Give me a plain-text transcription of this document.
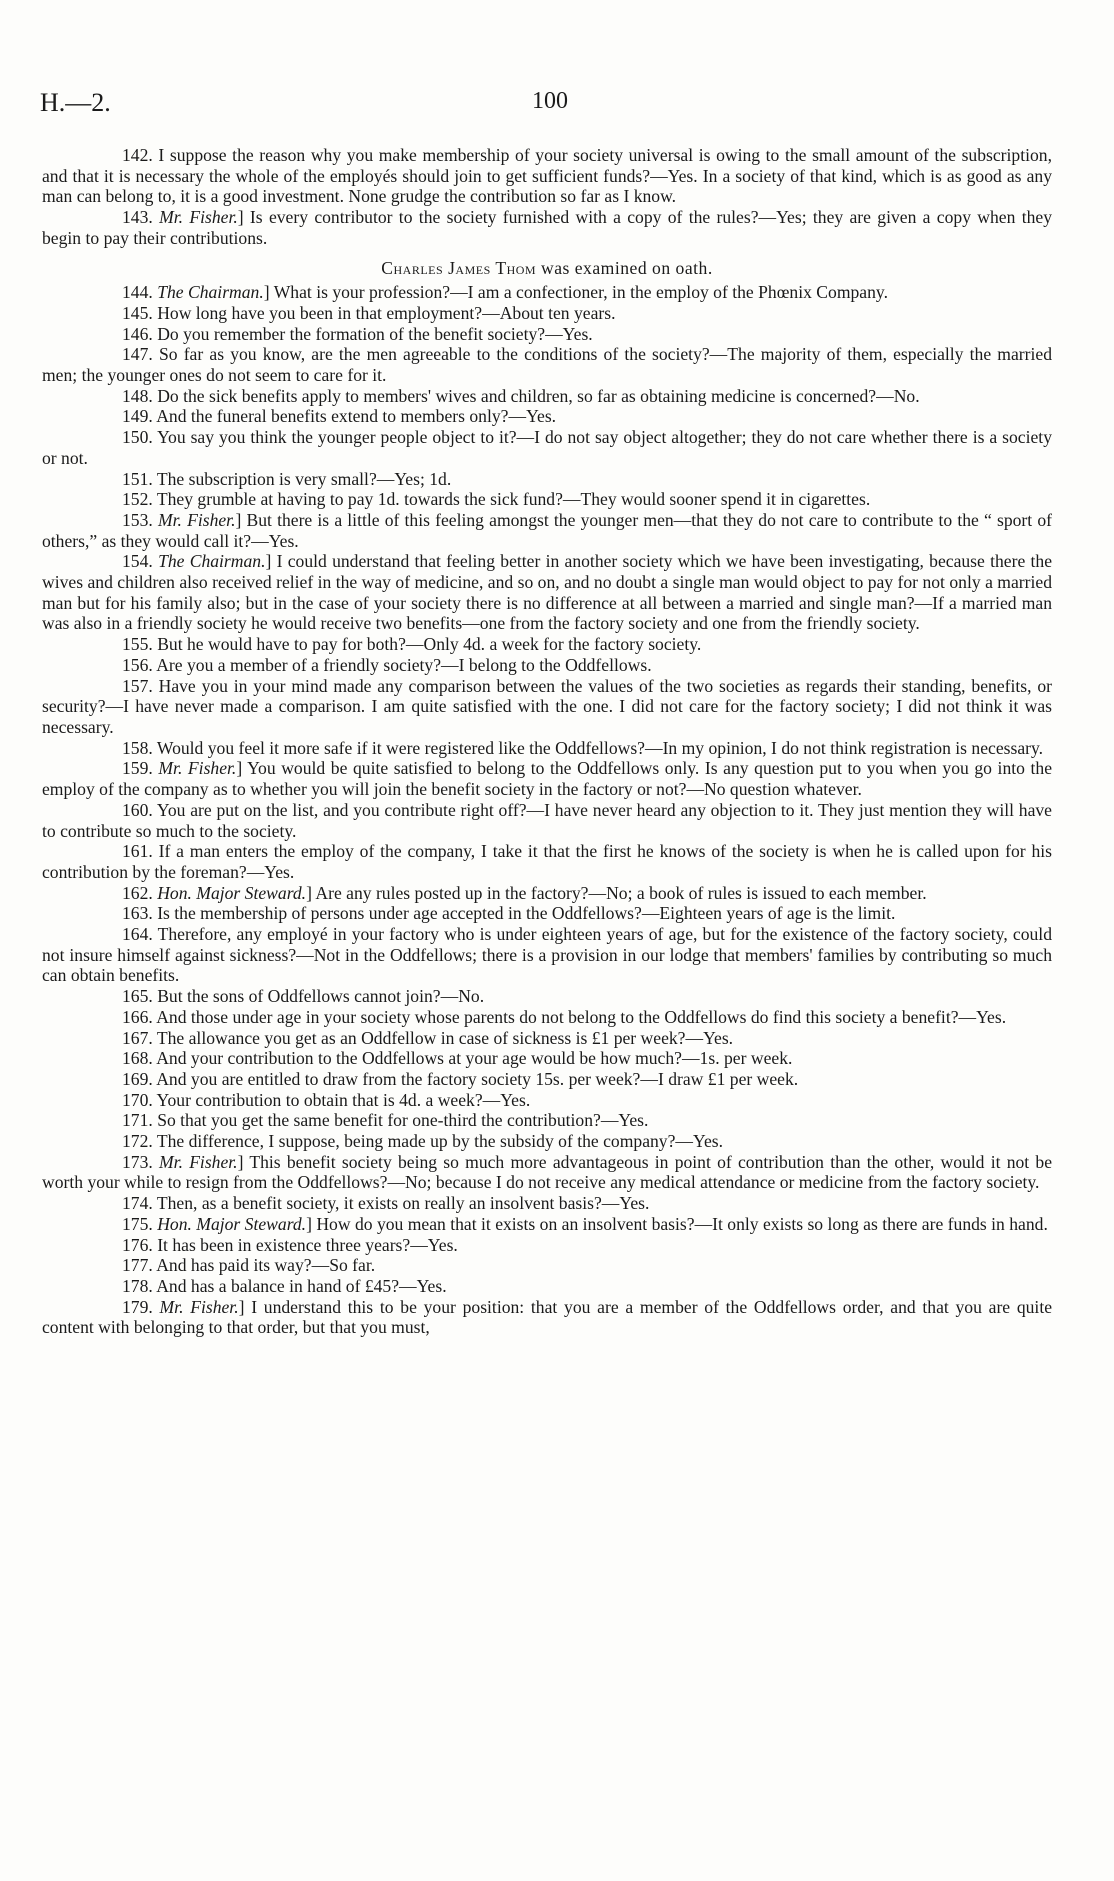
H.—2.	100

142. I suppose the reason why you make membership of your society universal is owing to the small amount of the subscription, and that it is necessary the whole of the employés should join to get sufficient funds?—Yes. In a society of that kind, which is as good as any man can belong to, it is a good investment. None grudge the contribution so far as I know.

143. Mr. Fisher.] Is every contributor to the society furnished with a copy of the rules?—Yes; they are given a copy when they begin to pay their contributions.

Charles James Thom was examined on oath.

144. The Chairman.] What is your profession?—I am a confectioner, in the employ of the Phœnix Company.

145. How long have you been in that employment?—About ten years.

146. Do you remember the formation of the benefit society?—Yes.

147. So far as you know, are the men agreeable to the conditions of the society?—The majority of them, especially the married men; the younger ones do not seem to care for it.

148. Do the sick benefits apply to members' wives and children, so far as obtaining medicine is concerned?—No.

149. And the funeral benefits extend to members only?—Yes.

150. You say you think the younger people object to it?—I do not say object altogether; they do not care whether there is a society or not.

151. The subscription is very small?—Yes; 1d.

152. They grumble at having to pay 1d. towards the sick fund?—They would sooner spend it in cigarettes.

153. Mr. Fisher.] But there is a little of this feeling amongst the younger men—that they do not care to contribute to the “ sport of others,” as they would call it?—Yes.

154. The Chairman.] I could understand that feeling better in another society which we have been investigating, because there the wives and children also received relief in the way of medicine, and so on, and no doubt a single man would object to pay for not only a married man but for his family also; but in the case of your society there is no difference at all between a married and single man?—If a married man was also in a friendly society he would receive two benefits—one from the factory society and one from the friendly society.

155. But he would have to pay for both?—Only 4d. a week for the factory society.

156. Are you a member of a friendly society?—I belong to the Oddfellows.

157. Have you in your mind made any comparison between the values of the two societies as regards their standing, benefits, or security?—I have never made a comparison. I am quite satisfied with the one. I did not care for the factory society; I did not think it was necessary.

158. Would you feel it more safe if it were registered like the Oddfellows?—In my opinion, I do not think registration is necessary.

159. Mr. Fisher.] You would be quite satisfied to belong to the Oddfellows only. Is any question put to you when you go into the employ of the company as to whether you will join the benefit society in the factory or not?—No question whatever.

160. You are put on the list, and you contribute right off?—I have never heard any objection to it. They just mention they will have to contribute so much to the society.

161. If a man enters the employ of the company, I take it that the first he knows of the society is when he is called upon for his contribution by the foreman?—Yes.

162. Hon. Major Steward.] Are any rules posted up in the factory?—No; a book of rules is issued to each member.

163. Is the membership of persons under age accepted in the Oddfellows?—Eighteen years of age is the limit.

164. Therefore, any employé in your factory who is under eighteen years of age, but for the existence of the factory society, could not insure himself against sickness?—Not in the Oddfellows; there is a provision in our lodge that members' families by contributing so much can obtain benefits.

165. But the sons of Oddfellows cannot join?—No.

166. And those under age in your society whose parents do not belong to the Oddfellows do find this society a benefit?—Yes.

167. The allowance you get as an Oddfellow in case of sickness is £1 per week?—Yes.

168. And your contribution to the Oddfellows at your age would be how much?—1s. per week.

169. And you are entitled to draw from the factory society 15s. per week?—I draw £1 per week.

170. Your contribution to obtain that is 4d. a week?—Yes.

171. So that you get the same benefit for one-third the contribution?—Yes.

172. The difference, I suppose, being made up by the subsidy of the company?—Yes.

173. Mr. Fisher.] This benefit society being so much more advantageous in point of contribution than the other, would it not be worth your while to resign from the Oddfellows?—No; because I do not receive any medical attendance or medicine from the factory society.

174. Then, as a benefit society, it exists on really an insolvent basis?—Yes.

175. Hon. Major Steward.] How do you mean that it exists on an insolvent basis?—It only exists so long as there are funds in hand.

176. It has been in existence three years?—Yes.

177. And has paid its way?—So far.

178. And has a balance in hand of £45?—Yes.

179. Mr. Fisher.] I understand this to be your position: that you are a member of the Oddfellows order, and that you are quite content with belonging to that order, but that you must,
